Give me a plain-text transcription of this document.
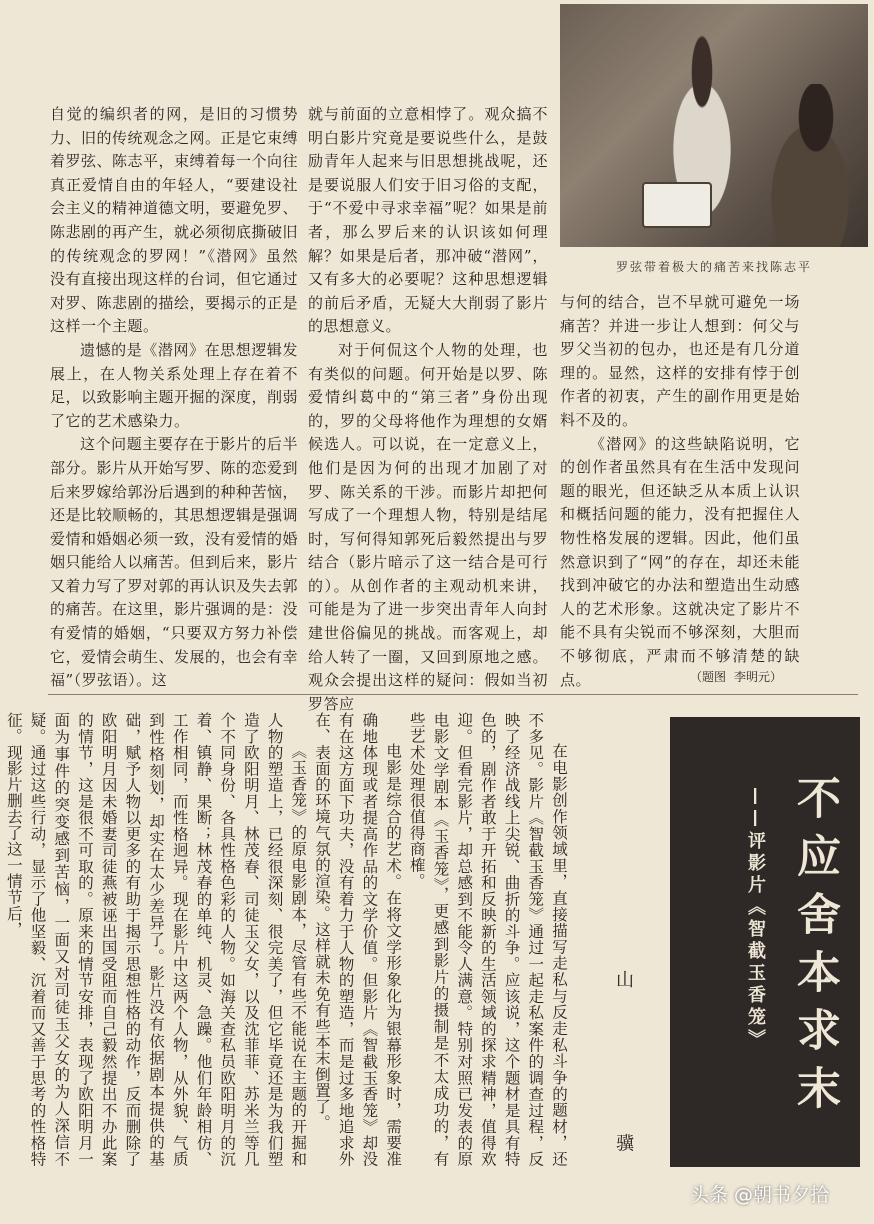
罗弦带着极大的痛苦来找陈志平

自觉的编织者的网，是旧的习惯势力、旧的传统观念之网。正是它束缚着罗弦、陈志平，束缚着每一个向往真正爱情自由的年轻人，“要建设社会主义的精神道德文明，要避免罗、陈悲剧的再产生，就必须彻底撕破旧的传统观念的罗网！”《潜网》虽然没有直接出现这样的台词，但它通过对罗、陈悲剧的描绘，要揭示的正是这样一个主题。

遗憾的是《潜网》在思想逻辑发展上，在人物关系处理上存在着不足，以致影响主题开掘的深度，削弱了它的艺术感染力。

这个问题主要存在于影片的后半部分。影片从开始写罗、陈的恋爱到后来罗嫁给郭汾后遇到的种种苦恼，还是比较顺畅的，其思想逻辑是强调爱情和婚姻必须一致，没有爱情的婚姻只能给人以痛苦。但到后来，影片又着力写了罗对郭的再认识及失去郭的痛苦。在这里，影片强调的是：没有爱情的婚姻，“只要双方努力补偿它，爱情会萌生、发展的，也会有幸福”（罗弦语）。这

就与前面的立意相悖了。观众搞不明白影片究竟是要说些什么，是鼓励青年人起来与旧思想挑战呢，还是要说服人们安于旧习俗的支配，于“不爱中寻求幸福”呢？如果是前者，那么罗后来的认识该如何理解？如果是后者，那冲破“潜网”，又有多大的必要呢？这种思想逻辑的前后矛盾，无疑大大削弱了影片的思想意义。

对于何侃这个人物的处理，也有类似的问题。何开始是以罗、陈爱情纠葛中的“第三者”身份出现的，罗的父母将他作为理想的女婿候选人。可以说，在一定意义上，他们是因为何的出现才加剧了对罗、陈关系的干涉。而影片却把何写成了一个理想人物，特别是结尾时，写何得知郭死后毅然提出与罗结合（影片暗示了这一结合是可行的）。从创作者的主观动机来讲，可能是为了进一步突出青年人向封建世俗偏见的挑战。而客观上，却给人转了一圈，又回到原地之感。观众会提出这样的疑问：假如当初罗答应

与何的结合，岂不早就可避免一场痛苦？并进一步让人想到：何父与罗父当初的包办，也还是有几分道理的。显然，这样的安排有悖于创作者的初衷，产生的副作用更是始料不及的。

《潜网》的这些缺陷说明，它的创作者虽然具有在生活中发现问题的眼光，但还缺乏从本质上认识和概括问题的能力，没有把握住人物性格发展的逻辑。因此，他们虽然意识到了“网”的存在，却还未能找到冲破它的办法和塑造出生动感人的艺术形象。这就决定了影片不能不具有尖锐而不够深刻，大胆而不够彻底，严肃而不够清楚的缺点。	（题图 李明元）

在电影创作领域里，直接描写走私与反走私斗争的题材，还不多见。影片《智截玉香笼》通过一起走私案件的调查过程，反映了经济战线上尖锐、曲折的斗争。应该说，这个题材是具有特色的，剧作者敢于开拓和反映新的生活领域的探求精神，值得欢迎。但看完影片，却总感到不能令人满意。特别对照已发表的原电影文学剧本《玉香笼》，更感到影片的摄制是不太成功的，有些艺术处理很值得商榷。

电影是综合的艺术。在将文学形象化为银幕形象时，需要准确地体现或者提高作品的文学价值。但影片《智截玉香笼》却没有在这方面下功夫，没有着力于人物的塑造，而是过多地追求外在、表面的环境气氛的渲染。这样就未免有些本末倒置了。

《玉香笼》的原电影剧本，尽管有些不能说在主题的开掘和人物的塑造上，已经很深刻、很完美了，但它毕竟还是为我们塑造了欧阳明月、林茂春、司徒玉父女，以及沈菲菲、苏米兰等几个不同身份、各具性格色彩的人物。如海关查私员欧阳明月的沉着、镇静、果断；林茂春的单纯、机灵、急躁。他们年龄相仿、工作相同，而性格迥异。现在影片中这两个人物，从外貌、气质到性格刻划，却实在太少差异了。影片没有依据剧本提供的基础，赋予人物以更多的有助于揭示思想性格的动作，反而删除了欧阳明月因未婚妻司徒燕被诬出国受阻而自己毅然提出不办此案的情节，这是很不可取的。原来的情节安排，表现了欧阳明月一面为事件的突变感到苦恼，一面又对司徒玉父女的为人深信不疑。通过这些行动，显示了他坚毅、沉着而又善于思考的性格特征。现影片删去了这一情节后，	不应舍本求末
——评影片《智截玉香笼》
山 骥	头条 @朝书夕拾
